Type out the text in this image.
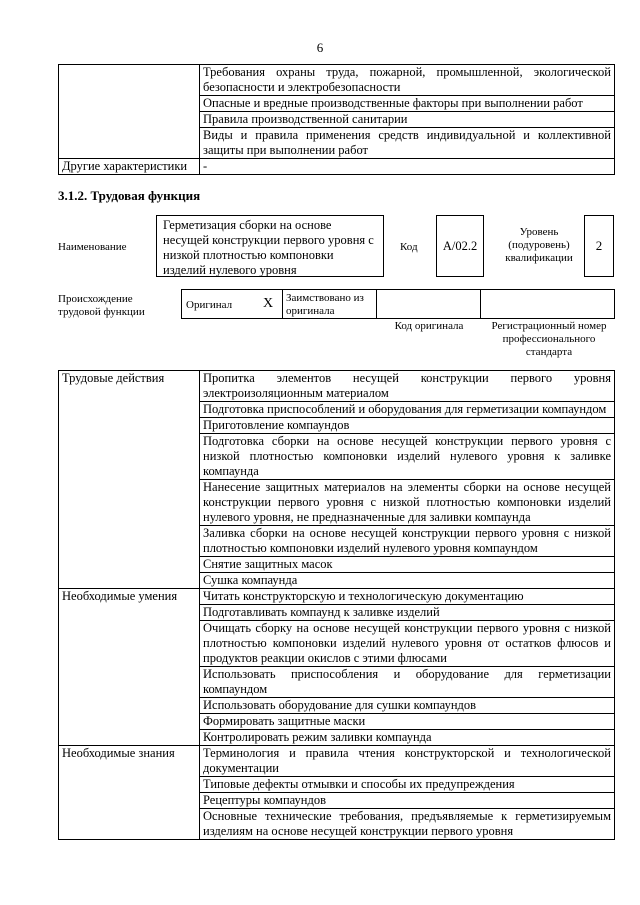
6
	Требования охраны труда, пожарной, промышленной, экологической безопасности и электробезопасности
	Опасные и вредные производственные факторы при выполнении работ
	Правила производственной санитарии
	Виды и правила применения средств индивидуальной и коллективной защиты при выполнении работ
Другие характеристики	-
3.1.2. Трудовая функция
Наименование
Герметизация сборки на основе несущей конструкции первого уровня с низкой плотностью компоновки изделий нулевого уровня
Код A/02.2
Уровень (подуровень) квалификации
2
Происхождение трудовой функции
Оригинал	X	Заимствовано из оригинала
Код оригинала	Регистрационный номер профессионального стандарта
Трудовые действия	Пропитка элементов несущей конструкции первого уровня электроизоляционным материалом
	Подготовка приспособлений и оборудования для герметизации компаундом
	Приготовление компаундов
	Подготовка сборки на основе несущей конструкции первого уровня с низкой плотностью компоновки изделий нулевого уровня к заливке компаунда
	Нанесение защитных материалов на элементы сборки на основе несущей конструкции первого уровня с низкой плотностью компоновки изделий нулевого уровня, не предназначенные для заливки компаунда
	Заливка сборки на основе несущей конструкции первого уровня с низкой плотностью компоновки изделий нулевого уровня компаундом
	Снятие защитных масок
	Сушка компаунда
Необходимые умения	Читать конструкторскую и технологическую документацию
	Подготавливать компаунд к заливке изделий
	Очищать сборку на основе несущей конструкции первого уровня с низкой плотностью компоновки изделий нулевого уровня от остатков флюсов и продуктов реакции окислов с этими флюсами
	Использовать приспособления и оборудование для герметизации компаундом
	Использовать оборудование для сушки компаундов
	Формировать защитные маски
	Контролировать режим заливки компаунда
Необходимые знания	Терминология и правила чтения конструкторской и технологической документации
	Типовые дефекты отмывки и способы их предупреждения
	Рецептуры компаундов
	Основные технические требования, предъявляемые к герметизируемым изделиям на основе несущей конструкции первого уровня
